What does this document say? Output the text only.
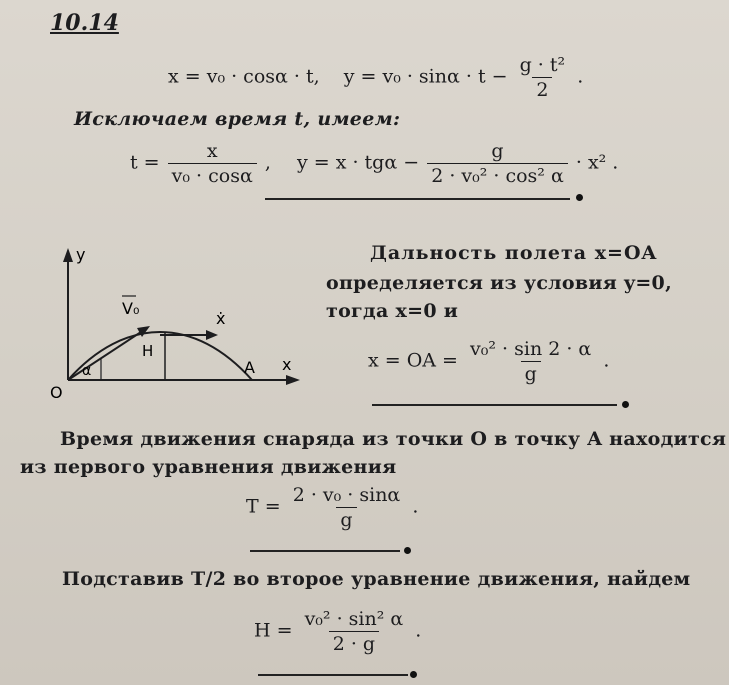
10.14
x = v₀ · cosα · t, $y = v_0 \cdot \sin\alpha \cdot t - \frac{\text{g · t²}}{2}$ .
Исключаем время t, имеем:
$t = \frac{x}{\text{v₀ · cosα}}$ , $y = x \cdot tg\alpha - \frac{g}{\text{2 · v₀² · cos² α}} \cdot x^2$ .
y
V₀
ẋ
H
A x
O
α
Дальность полета x=OA
определяется из условия y=0,
тогда x=0 и
x = OA = $\frac{\text{v₀² · sin 2 · α}}{g}$ .
Время движения снаряда из точки O в точку A находится
из первого уравнения движения
$T = \frac{\text{2 · v₀ · sinα}}{g}$ .
Подставив T/2 во второе уравнение движения, найдем
$H = \frac{\text{v₀² · sin² α}}{2 \cdot g}$ .
